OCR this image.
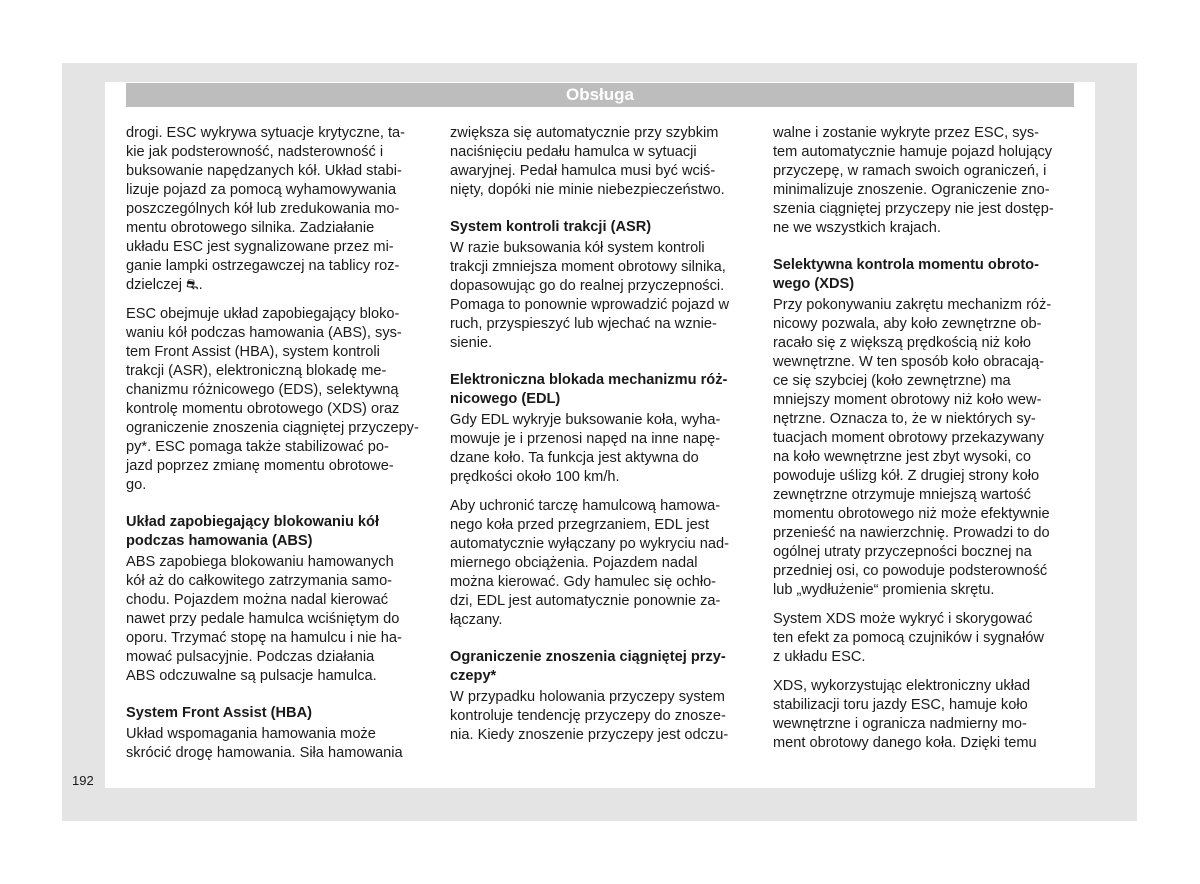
Obsługa

drogi. ESC wykrywa sytuacje krytyczne, ta-

kie jak podsterowność, nadsterowność i

buksowanie napędzanych kół. Układ stabi-

lizuje pojazd za pomocą wyhamowywania

poszczególnych kół lub zredukowania mo-

mentu obrotowego silnika. Zadziałanie

układu ESC jest sygnalizowane przez mi-

ganie lampki ostrzegawczej na tablicy roz-

dzielczej ⛐.

ESC obejmuje układ zapobiegający bloko-

waniu kół podczas hamowania (ABS), sys-

tem Front Assist (HBA), system kontroli

trakcji (ASR), elektroniczną blokadę me-

chanizmu różnicowego (EDS), selektywną

kontrolę momentu obrotowego (XDS) oraz

ograniczenie znoszenia ciągniętej przyczepy-

py*. ESC pomaga także stabilizować po-

jazd poprzez zmianę momentu obrotowe-

go.

Układ zapobiegający blokowaniu kół
podczas hamowania (ABS)

ABS zapobiega blokowaniu hamowanych

kół aż do całkowitego zatrzymania samo-

chodu. Pojazdem można nadal kierować

nawet przy pedale hamulca wciśniętym do

oporu. Trzymać stopę na hamulcu i nie ha-

mować pulsacyjnie. Podczas działania

ABS odczuwalne są pulsacje hamulca.

System Front Assist (HBA)

Układ wspomagania hamowania może

skrócić drogę hamowania. Siła hamowania

zwiększa się automatycznie przy szybkim

naciśnięciu pedału hamulca w sytuacji

awaryjnej. Pedał hamulca musi być wciś-

nięty, dopóki nie minie niebezpieczeństwo.

System kontroli trakcji (ASR)

W razie buksowania kół system kontroli

trakcji zmniejsza moment obrotowy silnika,

dopasowując go do realnej przyczepności.

Pomaga to ponownie wprowadzić pojazd w

ruch, przyspieszyć lub wjechać na wznie-

sienie.

Elektroniczna blokada mechanizmu róż-
nicowego (EDL)

Gdy EDL wykryje buksowanie koła, wyha-

mowuje je i przenosi napęd na inne napę-

dzane koło. Ta funkcja jest aktywna do

prędkości około 100 km/h.

Aby uchronić tarczę hamulcową hamowa-

nego koła przed przegrzaniem, EDL jest

automatycznie wyłączany po wykryciu nad-

miernego obciążenia. Pojazdem nadal

można kierować. Gdy hamulec się ochło-

dzi, EDL jest automatycznie ponownie za-

łączany.

Ograniczenie znoszenia ciągniętej przy-
czepy*

W przypadku holowania przyczepy system

kontroluje tendencję przyczepy do znosze-

nia. Kiedy znoszenie przyczepy jest odczu-

walne i zostanie wykryte przez ESC, sys-

tem automatycznie hamuje pojazd holujący

przyczepę, w ramach swoich ograniczeń, i

minimalizuje znoszenie. Ograniczenie zno-

szenia ciągniętej przyczepy nie jest dostęp-

ne we wszystkich krajach.

Selektywna kontrola momentu obroto-
wego (XDS)

Przy pokonywaniu zakrętu mechanizm róż-

nicowy pozwala, aby koło zewnętrzne ob-

racało się z większą prędkością niż koło

wewnętrzne. W ten sposób koło obracają-

ce się szybciej (koło zewnętrzne) ma

mniejszy moment obrotowy niż koło wew-

nętrzne. Oznacza to, że w niektórych sy-

tuacjach moment obrotowy przekazywany

na koło wewnętrzne jest zbyt wysoki, co

powoduje uślizg kół. Z drugiej strony koło

zewnętrzne otrzymuje mniejszą wartość

momentu obrotowego niż może efektywnie

przenieść na nawierzchnię. Prowadzi to do

ogólnej utraty przyczepności bocznej na

przedniej osi, co powoduje podsterowność

lub „wydłużenie“ promienia skrętu.

System XDS może wykryć i skorygować

ten efekt za pomocą czujników i sygnałów

z układu ESC.

XDS, wykorzystując elektroniczny układ

stabilizacji toru jazdy ESC, hamuje koło

wewnętrzne i ogranicza nadmierny mo-

ment obrotowy danego koła. Dzięki temu

192
